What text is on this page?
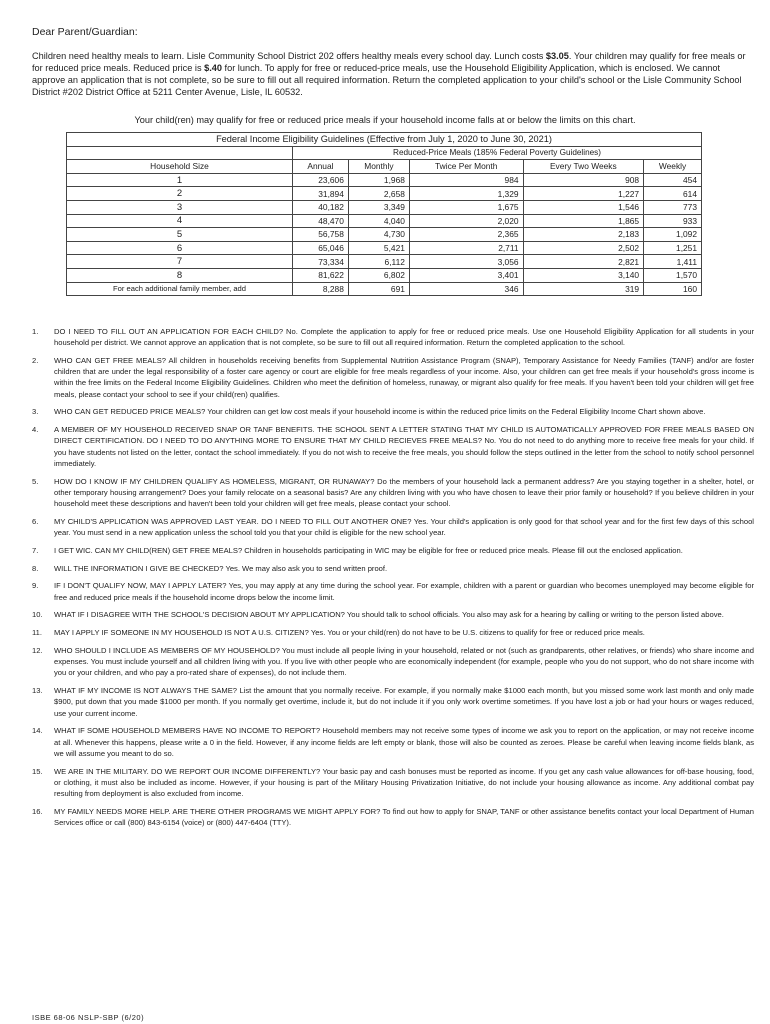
Dear Parent/Guardian:
Children need healthy meals to learn. Lisle Community School District 202 offers healthy meals every school day. Lunch costs $3.05. Your children may qualify for free meals or for reduced price meals. Reduced price is $.40 for lunch. To apply for free or reduced-price meals, use the Household Eligibility Application, which is enclosed. We cannot approve an application that is not complete, so be sure to fill out all required information. Return the completed application to your child's school or the Lisle Community School District #202 District Office at 5211 Center Avenue, Lisle, IL 60532.
Your child(ren) may qualify for free or reduced price meals if your household income falls at or below the limits on this chart.
Federal Income Eligibility Guidelines (Effective from July 1, 2020 to June 30, 2021)					
	Reduced-Price Meals (185% Federal Poverty Guidelines)				
Household Size	Annual	Monthly	Twice Per Month	Every Two Weeks	Weekly
1	23,606	1,968	984	908	454
2	31,894	2,658	1,329	1,227	614
3	40,182	3,349	1,675	1,546	773
4	48,470	4,040	2,020	1,865	933
5	56,758	4,730	2,365	2,183	1,092
6	65,046	5,421	2,711	2,502	1,251
7	73,334	6,112	3,056	2,821	1,411
8	81,622	6,802	3,401	3,140	1,570
For each additional family member, add	8,288	691	346	319	160
1.	DO I NEED TO FILL OUT AN APPLICATION FOR EACH CHILD? No. Complete the application to apply for free or reduced price meals. Use one Household Eligibility Application for all students in your household per district. We cannot approve an application that is not complete, so be sure to fill out all required information. Return the completed application to the school.
2.	WHO CAN GET FREE MEALS? All children in households receiving benefits from Supplemental Nutrition Assistance Program (SNAP), Temporary Assistance for Needy Families (TANF) and/or are foster children that are under the legal responsibility of a foster care agency or court are eligible for free meals regardless of your income. Also, your children can get free meals if your household's gross income is within the free limits on the Federal Income Eligibility Guidelines. Children who meet the definition of homeless, runaway, or migrant also qualify for free meals. If you haven't been told your children will get free meals, please contact your school to see if your child(ren) qualifies.
3.	WHO CAN GET REDUCED PRICE MEALS? Your children can get low cost meals if your household income is within the reduced price limits on the Federal Eligibility Income Chart shown above.
4.	A MEMBER OF MY HOUSEHOLD RECEIVED SNAP OR TANF BENEFITS. THE SCHOOL SENT A LETTER STATING THAT MY CHILD IS AUTOMATICALLY APPROVED FOR FREE MEALS BASED ON DIRECT CERTIFICATION. DO I NEED TO DO ANYTHING MORE TO ENSURE THAT MY CHILD RECIEVES FREE MEALS? No. You do not need to do anything more to receive free meals for your child. If you have students not listed on the letter, contact the school immediately. If you do not wish to receive the free meals, you should follow the steps outlined in the letter from the school to notify school personnel immediately.
5.	HOW DO I KNOW IF MY CHILDREN QUALIFY AS HOMELESS, MIGRANT, OR RUNAWAY? Do the members of your household lack a permanent address? Are you staying together in a shelter, hotel, or other temporary housing arrangement? Does your family relocate on a seasonal basis? Are any children living with you who have chosen to leave their prior family or household? If you believe children in your household meet these descriptions and haven't been told your children will get free meals, please contact your school.
6.	MY CHILD'S APPLICATION WAS APPROVED LAST YEAR. DO I NEED TO FILL OUT ANOTHER ONE? Yes. Your child's application is only good for that school year and for the first few days of this school year. You must send in a new application unless the school told you that your child is eligible for the new school year.
7.	I GET WIC. CAN MY CHILD(REN) GET FREE MEALS? Children in households participating in WIC may be eligible for free or reduced price meals. Please fill out the enclosed application.
8.	WILL THE INFORMATION I GIVE BE CHECKED? Yes. We may also ask you to send written proof.
9.	IF I DON'T QUALIFY NOW, MAY I APPLY LATER? Yes, you may apply at any time during the school year. For example, children with a parent or guardian who becomes unemployed may become eligible for free and reduced price meals if the household income drops below the income limit.
10.	WHAT IF I DISAGREE WITH THE SCHOOL'S DECISION ABOUT MY APPLICATION? You should talk to school officials. You also may ask for a hearing by calling or writing to the person listed above.
11.	MAY I APPLY IF SOMEONE IN MY HOUSEHOLD IS NOT A U.S. CITIZEN? Yes. You or your child(ren) do not have to be U.S. citizens to qualify for free or reduced price meals.
12.	WHO SHOULD I INCLUDE AS MEMBERS OF MY HOUSEHOLD? You must include all people living in your household, related or not (such as grandparents, other relatives, or friends) who share income and expenses. You must include yourself and all children living with you. If you live with other people who are economically independent (for example, people who you do not support, who do not share income with you or your children, and who pay a pro-rated share of expenses), do not include them.
13.	WHAT IF MY INCOME IS NOT ALWAYS THE SAME? List the amount that you normally receive. For example, if you normally make $1000 each month, but you missed some work last month and only made $900, put down that you made $1000 per month. If you normally get overtime, include it, but do not include it if you only work overtime sometimes. If you have lost a job or had your hours or wages reduced, use your current income.
14.	WHAT IF SOME HOUSEHOLD MEMBERS HAVE NO INCOME TO REPORT? Household members may not receive some types of income we ask you to report on the application, or may not receive income at all. Whenever this happens, please write a 0 in the field. However, if any income fields are left empty or blank, those will also be counted as zeroes. Please be careful when leaving income fields blank, as we will assume you meant to do so.
15.	WE ARE IN THE MILITARY. DO WE REPORT OUR INCOME DIFFERENTLY? Your basic pay and cash bonuses must be reported as income. If you get any cash value allowances for off-base housing, food, or clothing, it must also be included as income. However, if your housing is part of the Military Housing Privatization Initiative, do not include your housing allowance as income. Any additional combat pay resulting from deployment is also excluded from income.
16.	MY FAMILY NEEDS MORE HELP. ARE THERE OTHER PROGRAMS WE MIGHT APPLY FOR? To find out how to apply for SNAP, TANF or other assistance benefits contact your local Department of Human Services office or call (800) 843-6154 (voice) or (800) 447-6404 (TTY).
ISBE 68-06 NSLP-SBP (6/20)
